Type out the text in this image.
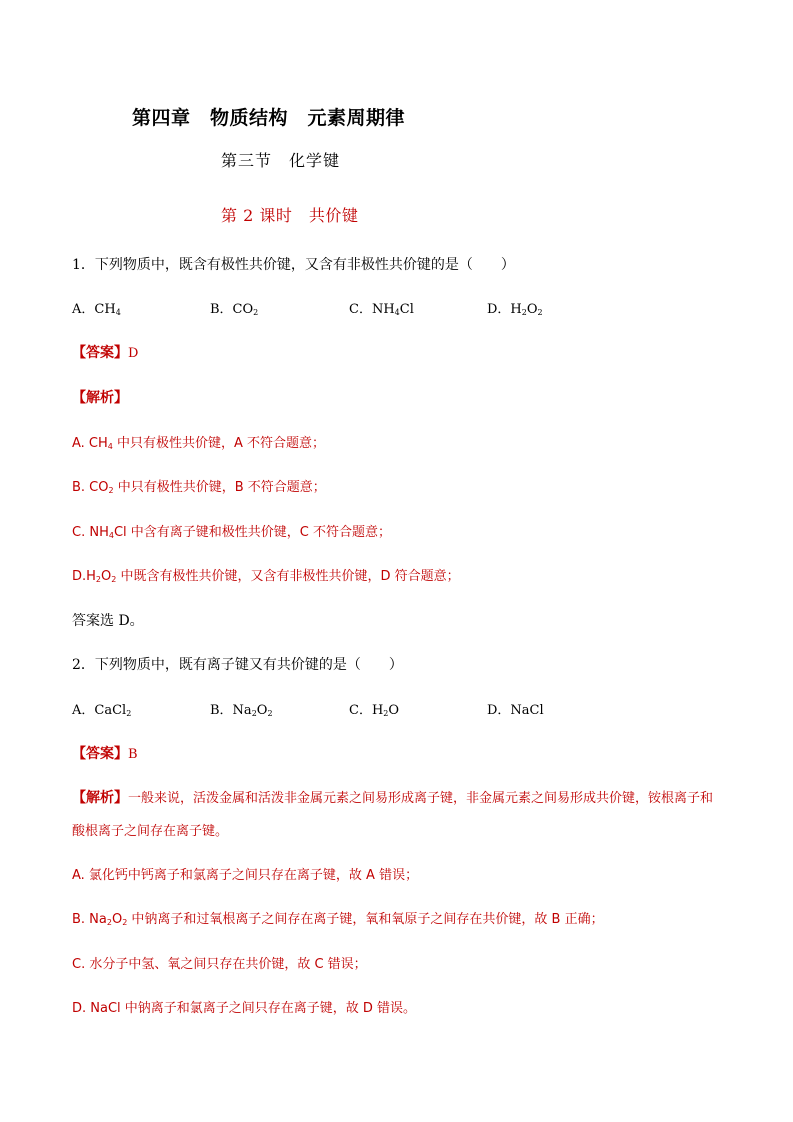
第四章　物质结构　元素周期律
第三节　化学键
第 2 课时　共价键
1．下列物质中，既含有极性共价键，又含有非极性共价键的是（　　）
A．$CH_4$	B．$CO_2$	C．$NH_4Cl$	D．$H_2O_2$
【答案】D
【解析】
A. $CH_4$ 中只有极性共价键，A 不符合题意；
B. $CO_2$ 中只有极性共价键，B 不符合题意；
C. $NH_4Cl$ 中含有离子键和极性共价键，C 不符合题意；
$D.H_2O_2$ 中既含有极性共价键，又含有非极性共价键，D 符合题意；
答案选 D。
2．下列物质中，既有离子键又有共价键的是（　　）
A．CaCl$_2$	B．$Na_2O_2$	C．$H_2O$	D．NaCl
【答案】B
【解析】一般来说，活泼金属和活泼非金属元素之间易形成离子键，非金属元素之间易形成共价键，铵根离子和酸根离子之间存在离子键。
A. 氯化钙中钙离子和氯离子之间只存在离子键，故 A 错误；
B. $Na_2O_2$ 中钠离子和过氧根离子之间存在离子键，氧和氧原子之间存在共价键，故 B 正确；
C. 水分子中氢、氧之间只存在共价键，故 C 错误；
D. NaCl 中钠离子和氯离子之间只存在离子键，故 D 错误。
